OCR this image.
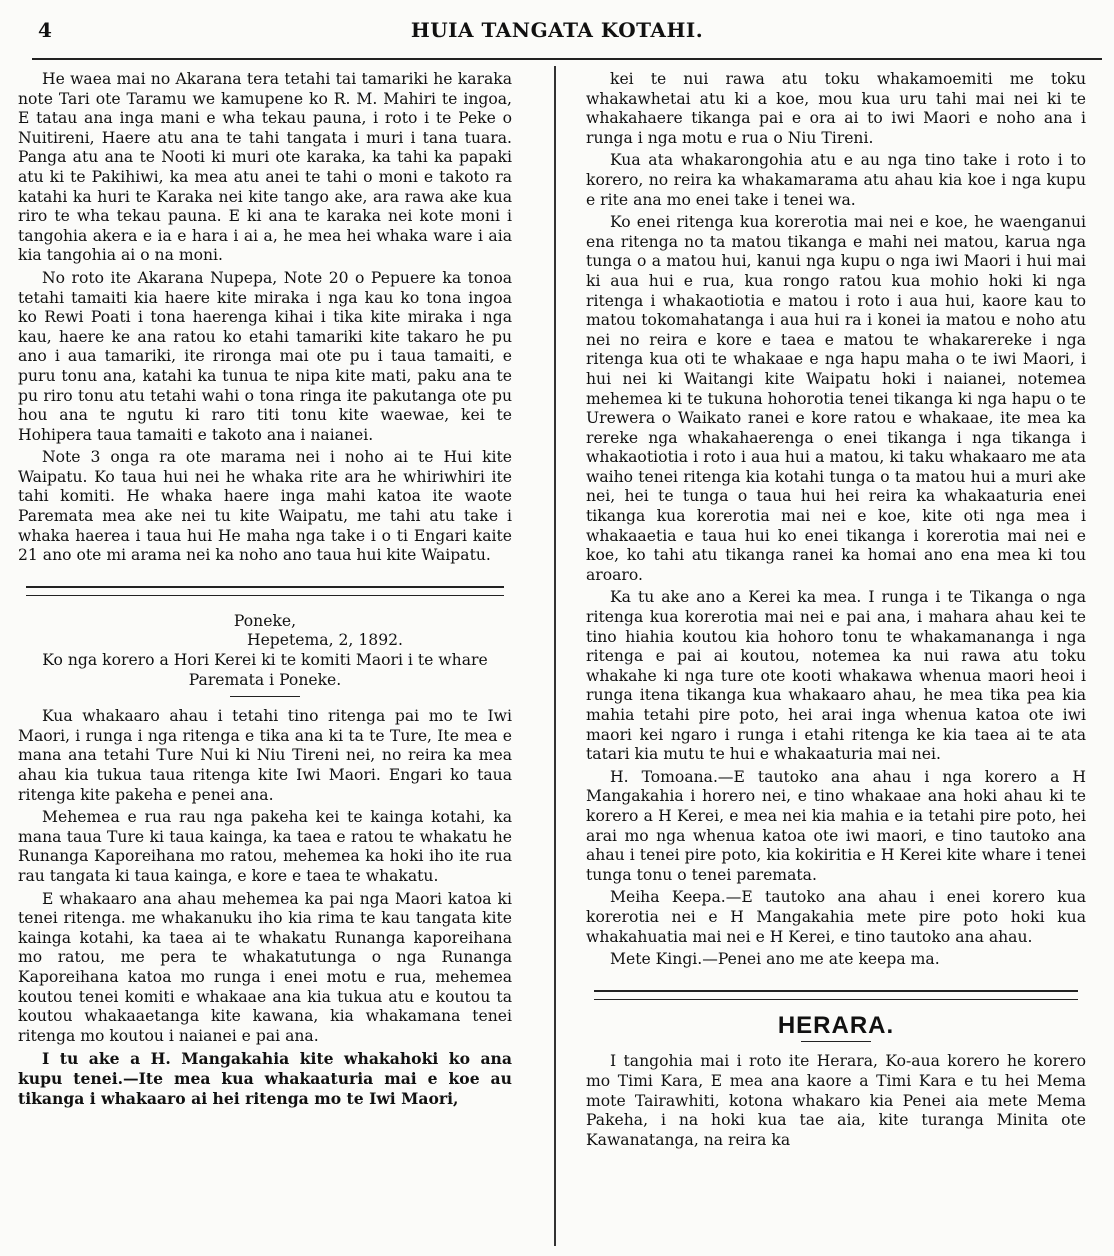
4	HUIA TANGATA KOTAHI.

He waea mai no Akarana tera tetahi tai tamariki he karaka note Tari ote Taramu we kamupene ko R. M. Mahiri te ingoa, E tatau ana inga mani e wha tekau pauna, i roto i te Peke o Nuitireni, Haere atu ana te tahi tangata i muri i tana tuara. Panga atu ana te Nooti ki muri ote karaka, ka tahi ka papaki atu ki te Pakihiwi, ka mea atu anei te tahi o moni e takoto ra katahi ka huri te Karaka nei kite tango ake, ara rawa ake kua riro te wha tekau pauna. E ki ana te karaka nei kote moni i tangohia akera e ia e hara i ai a, he mea hei whaka ware i aia kia tangohia ai o na moni.

No roto ite Akarana Nupepa, Note 20 o Pepuere ka tonoa tetahi tamaiti kia haere kite miraka i nga kau ko tona ingoa ko Rewi Poati i tona haerenga kihai i tika kite miraka i nga kau, haere ke ana ratou ko etahi tamariki kite takaro he pu ano i aua tamariki, ite rironga mai ote pu i taua tamaiti, e puru tonu ana, katahi ka tunua te nipa kite mati, paku ana te pu riro tonu atu tetahi wahi o tona ringa ite pakutanga ote pu hou ana te ngutu ki raro titi tonu kite waewae, kei te Hohipera taua tamaiti e takoto ana i naianei.

Note 3 onga ra ote marama nei i noho ai te Hui kite Waipatu. Ko taua hui nei he whaka rite ara he whiriwhiri ite tahi komiti. He whaka haere inga mahi katoa ite waote Paremata mea ake nei tu kite Waipatu, me tahi atu take i whaka haerea i taua hui He maha nga take i o ti Engari kaite 21 ano ote mi arama nei ka noho ano taua hui kite Waipatu.

Poneke,
Hepetema, 2, 1892.
Ko nga korero a Hori Kerei ki te komiti Maori i te whare Paremata i Poneke.

Kua whakaaro ahau i tetahi tino ritenga pai mo te Iwi Maori, i runga i nga ritenga e tika ana ki ta te Ture, Ite mea e mana ana tetahi Ture Nui ki Niu Tireni nei, no reira ka mea ahau kia tukua taua ritenga kite Iwi Maori. Engari ko taua ritenga kite pakeha e penei ana.

Mehemea e rua rau nga pakeha kei te kainga kotahi, ka mana taua Ture ki taua kainga, ka taea e ratou te whakatu he Runanga Kaporeihana mo ratou, mehemea ka hoki iho ite rua rau tangata ki taua kainga, e kore e taea te whakatu.

E whakaaro ana ahau mehemea ka pai nga Maori katoa ki tenei ritenga. me whakanuku iho kia rima te kau tangata kite kainga kotahi, ka taea ai te whakatu Runanga kaporeihana mo ratou, me pera te whakatutunga o nga Runanga Kaporeihana katoa mo runga i enei motu e rua, mehemea koutou tenei komiti e whakaae ana kia tukua atu e koutou ta koutou whakaaetanga kite kawana, kia whakamana tenei ritenga mo koutou i naianei e pai ana.

I tu ake a H. Mangakahia kite whakahoki ko ana kupu tenei.—Ite mea kua whakaaturia mai e koe au tikanga i whakaaro ai hei ritenga mo te Iwi Maori,

kei te nui rawa atu toku whakamoemiti me toku whakawhetai atu ki a koe, mou kua uru tahi mai nei ki te whakahaere tikanga pai e ora ai to iwi Maori e noho ana i runga i nga motu e rua o Niu Tireni.

Kua ata whakarongohia atu e au nga tino take i roto i to korero, no reira ka whakamarama atu ahau kia koe i nga kupu e rite ana mo enei take i tenei wa.

Ko enei ritenga kua korerotia mai nei e koe, he waenganui ena ritenga no ta matou tikanga e mahi nei matou, karua nga tunga o a matou hui, kanui nga kupu o nga iwi Maori i hui mai ki aua hui e rua, kua rongo ratou kua mohio hoki ki nga ritenga i whakaotiotia e matou i roto i aua hui, kaore kau to matou tokomahatanga i aua hui ra i konei ia matou e noho atu nei no reira e kore e taea e matou te whakarereke i nga ritenga kua oti te whakaae e nga hapu maha o te iwi Maori, i hui nei ki Waitangi kite Waipatu hoki i naianei, notemea mehemea ki te tukuna hohorotia tenei tikanga ki nga hapu o te Urewera o Waikato ranei e kore ratou e whakaae, ite mea ka rereke nga whakahaerenga o enei tikanga i nga tikanga i whakaotiotia i roto i aua hui a matou, ki taku whakaaro me ata waiho tenei ritenga kia kotahi tunga o ta matou hui a muri ake nei, hei te tunga o taua hui hei reira ka whakaaturia enei tikanga kua korerotia mai nei e koe, kite oti nga mea i whakaaetia e taua hui ko enei tikanga i korerotia mai nei e koe, ko tahi atu tikanga ranei ka homai ano ena mea ki tou aroaro.

Ka tu ake ano a Kerei ka mea. I runga i te Tikanga o nga ritenga kua korerotia mai nei e pai ana, i mahara ahau kei te tino hiahia koutou kia hohoro tonu te whakamananga i nga ritenga e pai ai koutou, notemea ka nui rawa atu toku whakahe ki nga ture ote kooti whakawa whenua maori heoi i runga itena tikanga kua whakaaro ahau, he mea tika pea kia mahia tetahi pire poto, hei arai inga whenua katoa ote iwi maori kei ngaro i runga i etahi ritenga ke kia taea ai te ata tatari kia mutu te hui e whakaaturia mai nei.

H. Tomoana.—E tautoko ana ahau i nga korero a H Mangakahia i horero nei, e tino whakaae ana hoki ahau ki te korero a H Kerei, e mea nei kia mahia e ia tetahi pire poto, hei arai mo nga whenua katoa ote iwi maori, e tino tautoko ana ahau i tenei pire poto, kia kokiritia e H Kerei kite whare i tenei tunga tonu o tenei paremata.

Meiha Keepa.—E tautoko ana ahau i enei korero kua korerotia nei e H Mangakahia mete pire poto hoki kua whakahuatia mai nei e H Kerei, e tino tautoko ana ahau.

Mete Kingi.—Penei ano me ate keepa ma.

HERARA.

I tangohia mai i roto ite Herara, Ko-aua korero he korero mo Timi Kara, E mea ana kaore a Timi Kara e tu hei Mema mote Tairawhiti, kotona whakaro kia Penei aia mete Mema Pakeha, i na hoki kua tae aia, kite turanga Minita ote Kawanatanga, na reira ka
